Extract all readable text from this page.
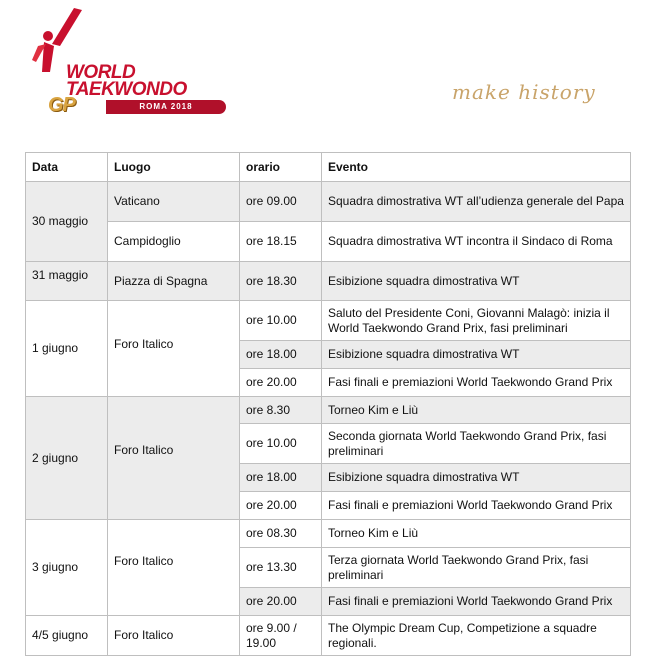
WORLD
TAEKWONDO
GP	ROMA 2018
make history
Data	Luogo	orario	Evento
30 maggio	Vaticano	ore 09.00	Squadra dimostrativa WT all’udienza generale del Papa
	Campidoglio	ore 18.15	Squadra dimostrativa WT incontra il Sindaco di Roma
31 maggio	Piazza di Spagna	ore 18.30	Esibizione squadra dimostrativa WT
1 giugno	Foro Italico	ore 10.00	Saluto del Presidente Coni, Giovanni Malagò: inizia il World Taekwondo Grand Prix, fasi preliminari
		ore 18.00	Esibizione squadra dimostrativa WT
		ore 20.00	Fasi finali e premiazioni World Taekwondo Grand Prix
2 giugno	Foro Italico	ore 8.30	Torneo Kim e Liù
		ore 10.00	Seconda giornata World Taekwondo Grand Prix, fasi preliminari
		ore 18.00	Esibizione squadra dimostrativa WT
		ore 20.00	Fasi finali e premiazioni World Taekwondo Grand Prix
3 giugno	Foro Italico	ore 08.30	Torneo Kim e Liù
		ore 13.30	Terza giornata World Taekwondo Grand Prix, fasi preliminari
		ore 20.00	Fasi finali e premiazioni World Taekwondo Grand Prix
4/5 giugno	Foro Italico	ore 9.00 / 19.00	The Olympic Dream Cup, Competizione a squadre regionali.
